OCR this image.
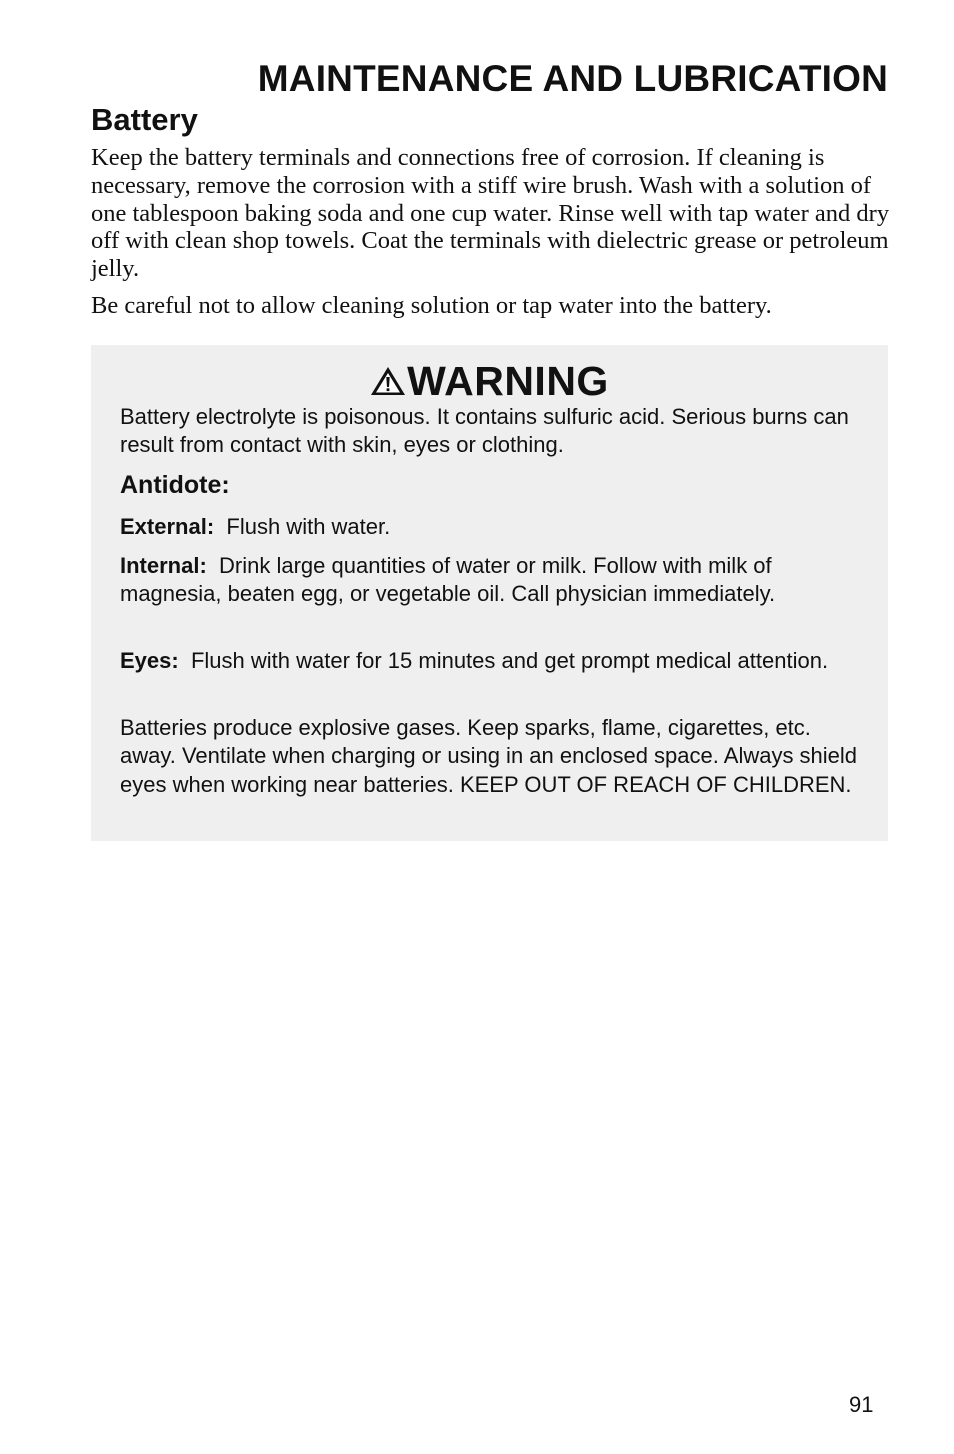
MAINTENANCE AND LUBRICATION
Battery

Keep the battery terminals and connections free of corrosion. If cleaning is necessary, remove the corrosion with a stiff wire brush. Wash with a solution of one tablespoon baking soda and one cup water. Rinse well with tap water and dry off with clean shop towels. Coat the terminals with dielectric grease or petroleum jelly.

Be careful not to allow cleaning solution or tap water into the battery.

WARNING

Battery electrolyte is poisonous. It contains sulfuric acid. Serious burns can result from contact with skin, eyes or clothing.

Antidote:

External: Flush with water.

Internal: Drink large quantities of water or milk. Follow with milk of magnesia, beaten egg, or vegetable oil. Call physician immediately.

Eyes: Flush with water for 15 minutes and get prompt medical attention.

Batteries produce explosive gases. Keep sparks, flame, cigarettes, etc. away. Ventilate when charging or using in an enclosed space. Always shield eyes when working near batteries. KEEP OUT OF REACH OF CHILDREN.

91
